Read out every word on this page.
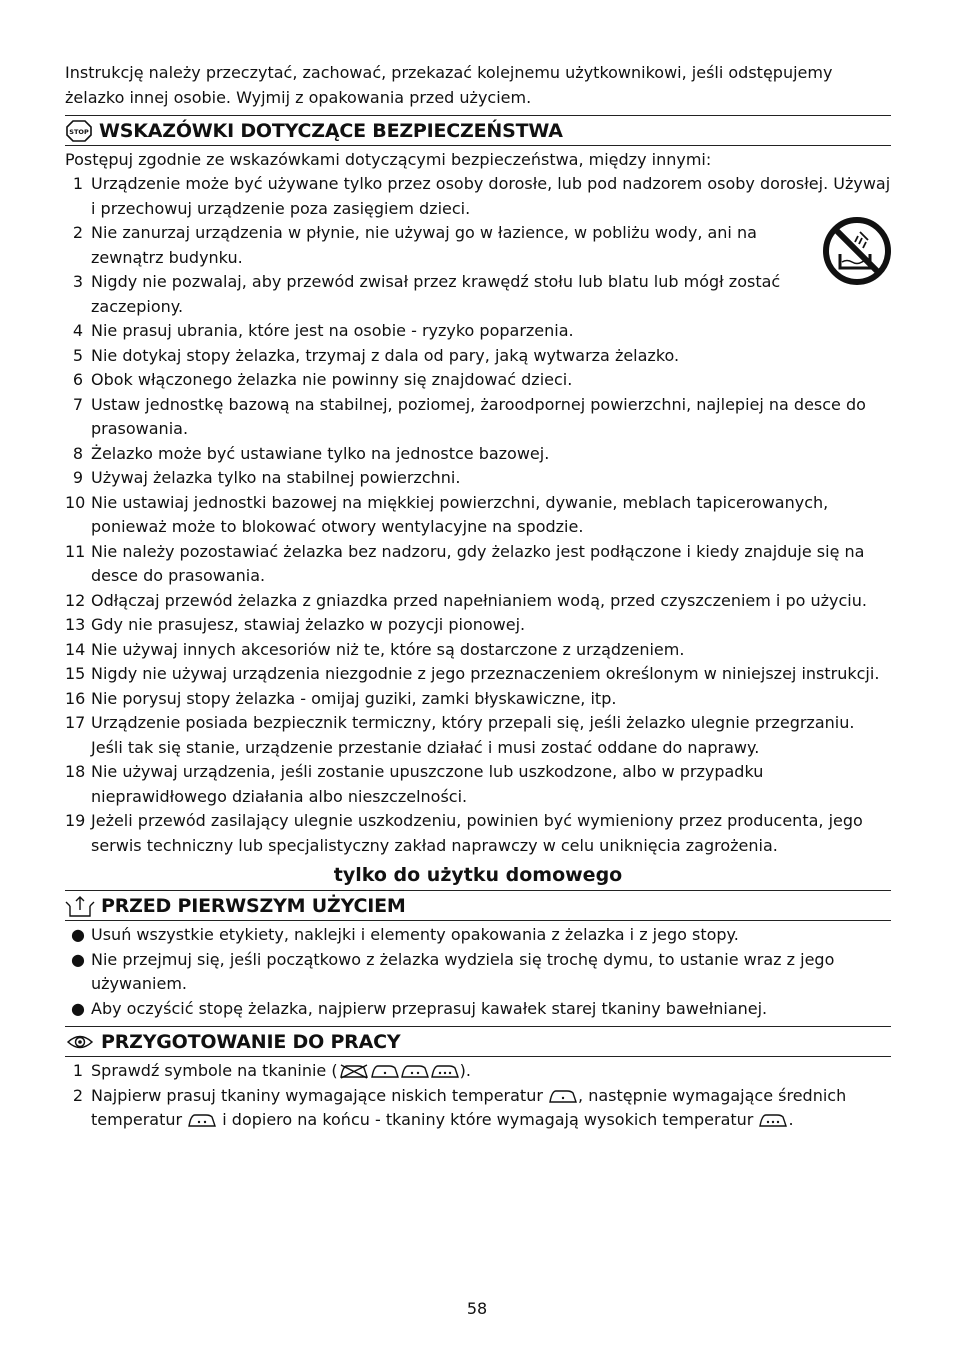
Instrukcję należy przeczytać, zachować, przekazać kolejnemu użytkownikowi, jeśli odstępujemy żelazko innej osobie. Wyjmij z opakowania przed użyciem.

STOP WSKAZÓWKI DOTYCZĄCE BEZPIECZEŃSTWA

Postępuj zgodnie ze wskazówkami dotyczącymi bezpieczeństwa, między innymi:

1 Urządzenie może być używane tylko przez osoby dorosłe, lub pod nadzorem osoby dorosłej. Używaj i przechowuj urządzenie poza zasięgiem dzieci.
2 Nie zanurzaj urządzenia w płynie, nie używaj go w łazience, w pobliżu wody, ani na zewnątrz budynku.
3 Nigdy nie pozwalaj, aby przewód zwisał przez krawędź stołu lub blatu lub mógł zostać zaczepiony.
4 Nie prasuj ubrania, które jest na osobie - ryzyko poparzenia.
5 Nie dotykaj stopy żelazka, trzymaj z dala od pary, jaką wytwarza żelazko.
6 Obok włączonego żelazka nie powinny się znajdować dzieci.
7 Ustaw jednostkę bazową na stabilnej, poziomej, żaroodpornej powierzchni, najlepiej na desce do prasowania.
8 Żelazko może być ustawiane tylko na jednostce bazowej.
9 Używaj żelazka tylko na stabilnej powierzchni.
10 Nie ustawiaj jednostki bazowej na miękkiej powierzchni, dywanie, meblach tapicerowanych, ponieważ może to blokować otwory wentylacyjne na spodzie.
11 Nie należy pozostawiać żelazka bez nadzoru, gdy żelazko jest podłączone i kiedy znajduje się na desce do prasowania.
12 Odłączaj przewód żelazka z gniazdka przed napełnianiem wodą, przed czyszczeniem i po użyciu.
13 Gdy nie prasujesz, stawiaj żelazko w pozycji pionowej.
14 Nie używaj innych akcesoriów niż te, które są dostarczone z urządzeniem.
15 Nigdy nie używaj urządzenia niezgodnie z jego przeznaczeniem określonym w niniejszej instrukcji.
16 Nie porysuj stopy żelazka - omijaj guziki, zamki błyskawiczne, itp.
17 Urządzenie posiada bezpiecznik termiczny, który przepali się, jeśli żelazko ulegnie przegrzaniu. Jeśli tak się stanie, urządzenie przestanie działać i musi zostać oddane do naprawy.
18 Nie używaj urządzenia, jeśli zostanie upuszczone lub uszkodzone, albo w przypadku nieprawidłowego działania albo nieszczelności.
19 Jeżeli przewód zasilający ulegnie uszkodzeniu, powinien być wymieniony przez producenta, jego serwis techniczny lub specjalistyczny zakład naprawczy w celu uniknięcia zagrożenia.
tylko do użytku domowego
PRZED PIERWSZYM UŻYCIEM
● Usuń wszystkie etykiety, naklejki i elementy opakowania z żelazka i z jego stopy.
● Nie przejmuj się, jeśli początkowo z żelazka wydziela się trochę dymu, to ustanie wraz z jego używaniem.
● Aby oczyścić stopę żelazka, najpierw przeprasuj kawałek starej tkaniny bawełnianej.
PRZYGOTOWANIE DO PRACY
1 Sprawdź symbole na tkaninie (	).
2 Najpierw prasuj tkaniny wymagające niskich temperatur , następnie wymagające średnich temperatur  i dopiero na końcu - tkaniny które wymagają wysokich temperatur .
58
